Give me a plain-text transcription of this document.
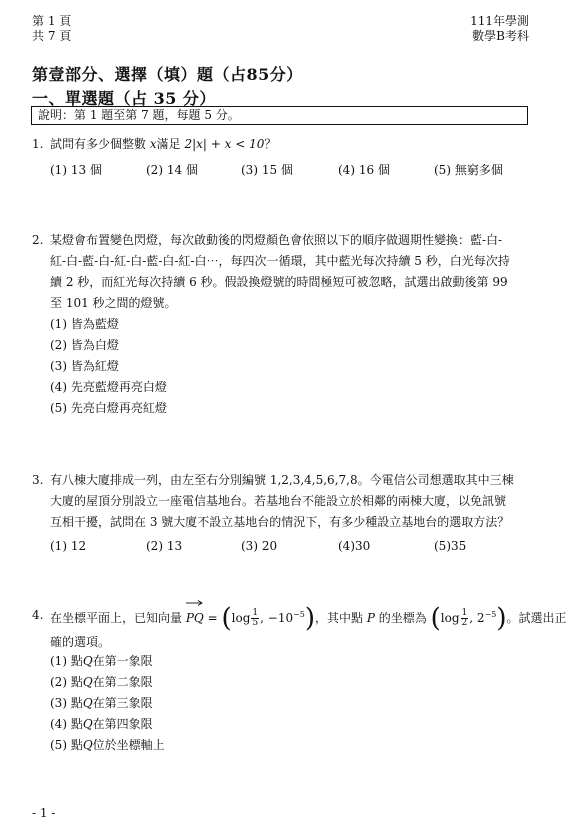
第 1 頁
共 7 頁
111年學測
數學B考科
第壹部分、選擇（填）題（占85分）
一、單選題（占 35 分）
說明：第 1 題至第 7 題，每題 5 分。
1. 試問有多少個整數 x滿足 2|x| + x < 10？
(1) 13 個	(2) 14 個	(3) 15 個	(4) 16 個	(5) 無窮多個
2. 某燈會布置變色閃燈，每次啟動後的閃燈顏色會依照以下的順序做週期性變換：藍-白-
紅-白-藍-白-紅-白-藍-白-紅-白⋯，每四次一循環，其中藍光每次持續 5 秒，白光每次持
續 2 秒，而紅光每次持續 6 秒。假設換燈號的時間極短可被忽略，試選出啟動後第 99
至 101 秒之間的燈號。
(1) 皆為藍燈
(2) 皆為白燈
(3) 皆為紅燈
(4) 先亮藍燈再亮白燈
(5) 先亮白燈再亮紅燈
3. 有八棟大廈排成一列，由左至右分別編號 1,2,3,4,5,6,7,8。今電信公司想選取其中三棟
大廈的屋頂分別設立一座電信基地台。若基地台不能設立於相鄰的兩棟大廈，以免訊號
互相干擾，試問在 3 號大廈不設立基地台的情況下，有多少種設立基地台的選取方法？
(1) 12	(2) 13	(3) 20	(4)30	(5)35
4. 在坐標平面上，已知向量 PQ = ($\log \frac{1}{5}$ , $-10^{-5}$)，其中點 P 的坐標為 ($\log \frac{1}{2}$ , $2^{-5}$)。試選出正
確的選項。
(1) 點Q在第一象限
(2) 點Q在第二象限
(3) 點Q在第三象限
(4) 點Q在第四象限
(5) 點Q位於坐標軸上
- 1 -
